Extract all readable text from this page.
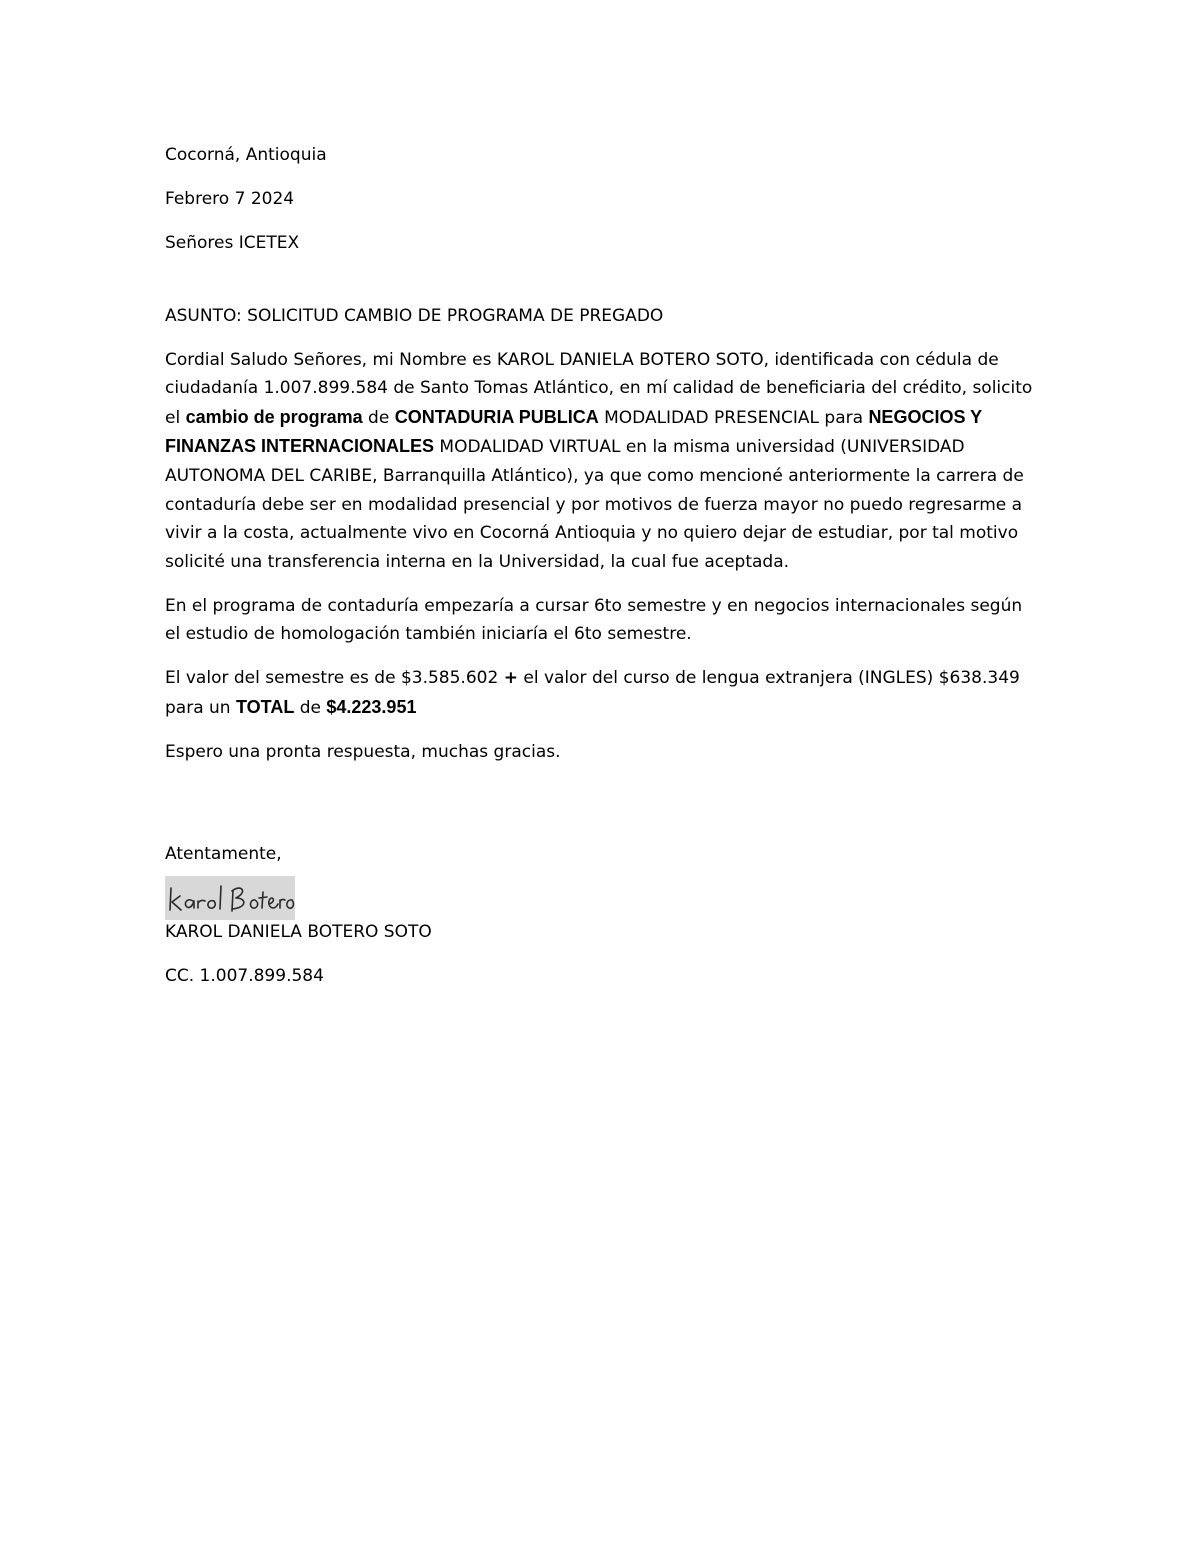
Cocorná, Antioquia

Febrero 7 2024

Señores ICETEX

ASUNTO: SOLICITUD CAMBIO DE PROGRAMA DE PREGADO

Cordial Saludo Señores, mi Nombre es KAROL DANIELA BOTERO SOTO, identificada con cédula de ciudadanía 1.007.899.584 de Santo Tomas Atlántico, en mí calidad de beneficiaria del crédito, solicito el cambio de programa de CONTADURIA PUBLICA MODALIDAD PRESENCIAL para NEGOCIOS Y FINANZAS INTERNACIONALES MODALIDAD VIRTUAL en la misma universidad (UNIVERSIDAD AUTONOMA DEL CARIBE, Barranquilla Atlántico), ya que como mencioné anteriormente la carrera de contaduría debe ser en modalidad presencial y por motivos de fuerza mayor no puedo regresarme a vivir a la costa, actualmente vivo en Cocorná Antioquia y no quiero dejar de estudiar, por tal motivo solicité una transferencia interna en la Universidad, la cual fue aceptada.

En el programa de contaduría empezaría a cursar 6to semestre y en negocios internacionales según el estudio de homologación también iniciaría el 6to semestre.

El valor del semestre es de $3.585.602 + el valor del curso de lengua extranjera (INGLES) $638.349 para un TOTAL de $4.223.951

Espero una pronta respuesta, muchas gracias.

Atentamente,

KAROL DANIELA BOTERO SOTO

CC. 1.007.899.584
